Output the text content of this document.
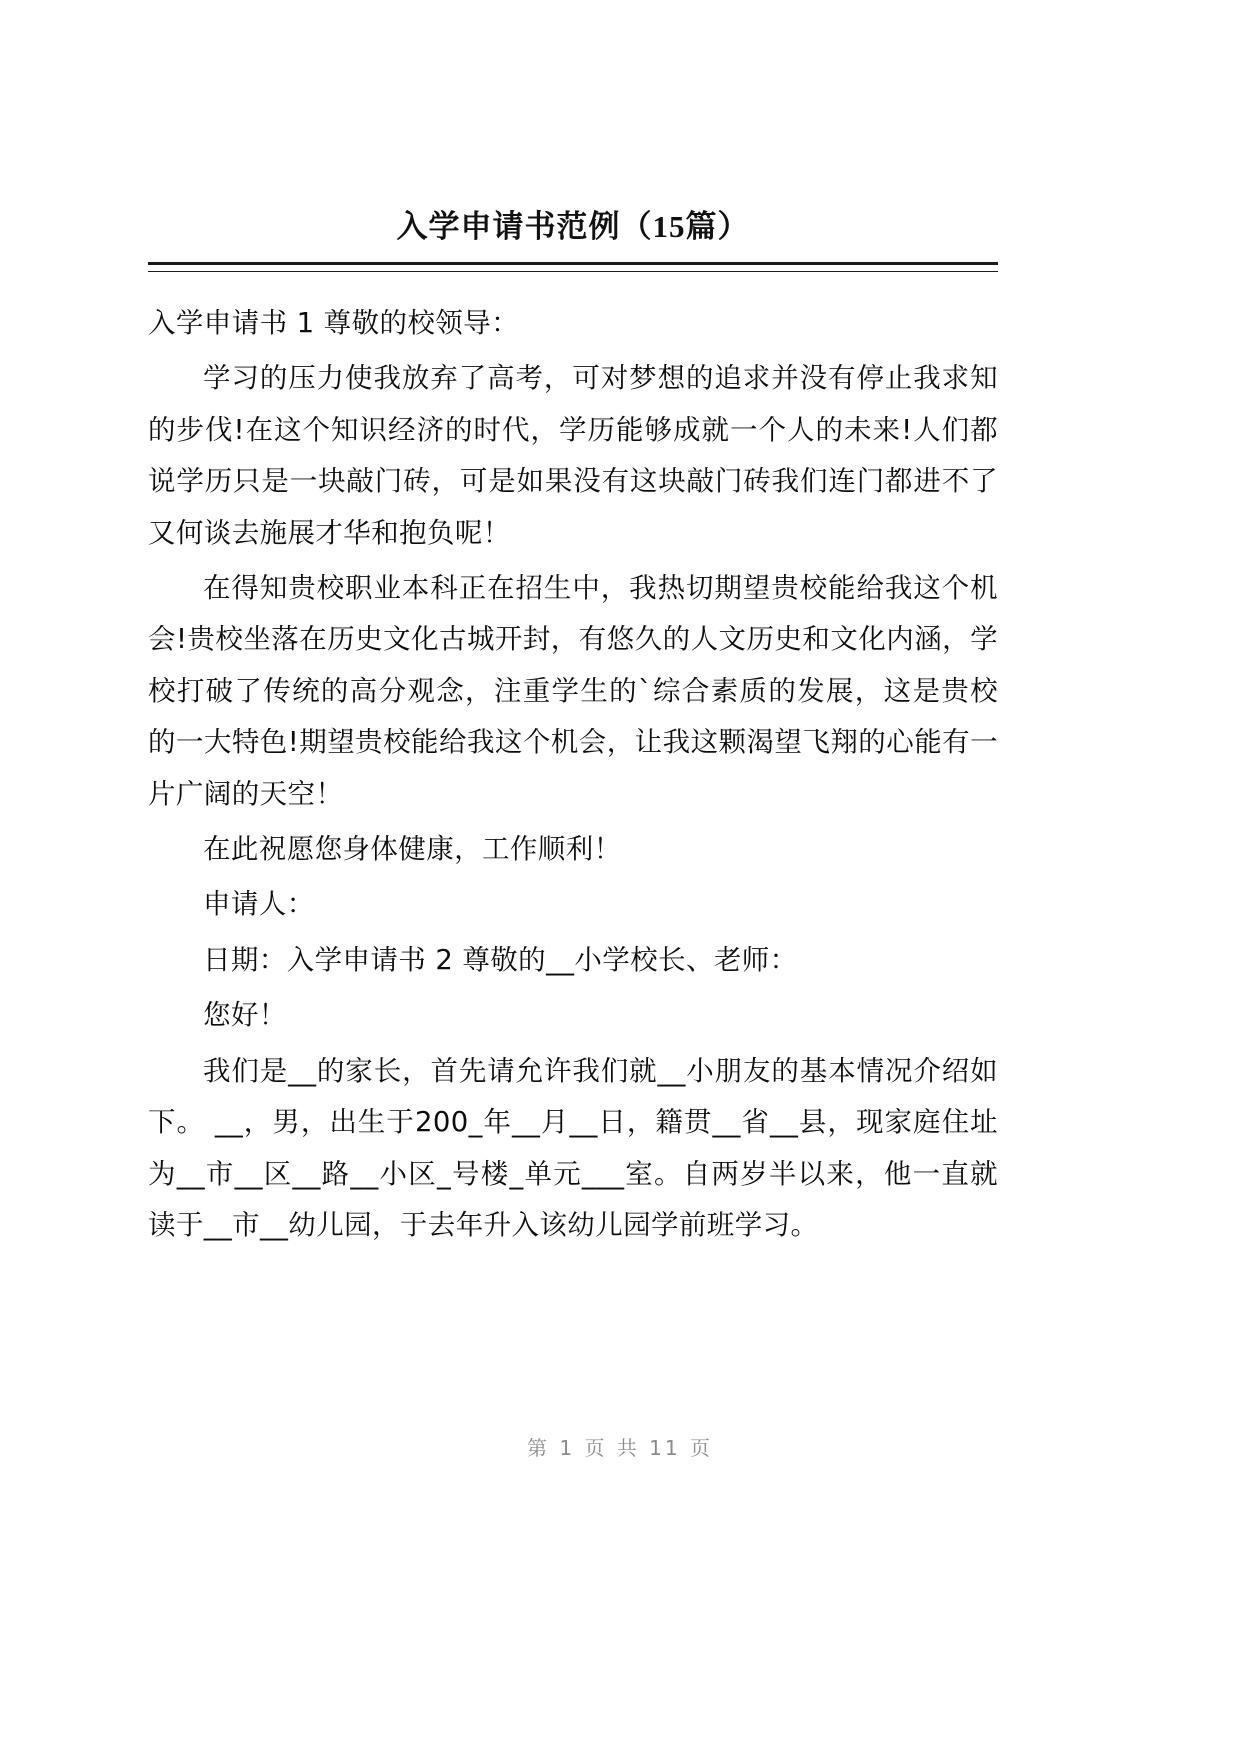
入学申请书范例（15篇）

入学申请书 1 尊敬的校领导：

学习的压力使我放弃了高考，可对梦想的追求并没有停止我求知的步伐!在这个知识经济的时代，学历能够成就一个人的未来!人们都说学历只是一块敲门砖，可是如果没有这块敲门砖我们连门都进不了又何谈去施展才华和抱负呢！

在得知贵校职业本科正在招生中，我热切期望贵校能给我这个机会!贵校坐落在历史文化古城开封，有悠久的人文历史和文化内涵，学校打破了传统的高分观念，注重学生的`综合素质的发展，这是贵校的一大特色!期望贵校能给我这个机会，让我这颗渴望飞翔的心能有一片广阔的天空！

在此祝愿您身体健康，工作顺利！

申请人：

日期：入学申请书 2 尊敬的__小学校长、老师：

您好！

我们是__的家长，首先请允许我们就__小朋友的基本情况介绍如下。 __，男，出生于200_年__月__日，籍贯__省__县，现家庭住址为__市__区__路__小区_号楼_单元___室。自两岁半以来，他一直就读于__市__幼儿园，于去年升入该幼儿园学前班学习。

第 1 页 共 11 页
